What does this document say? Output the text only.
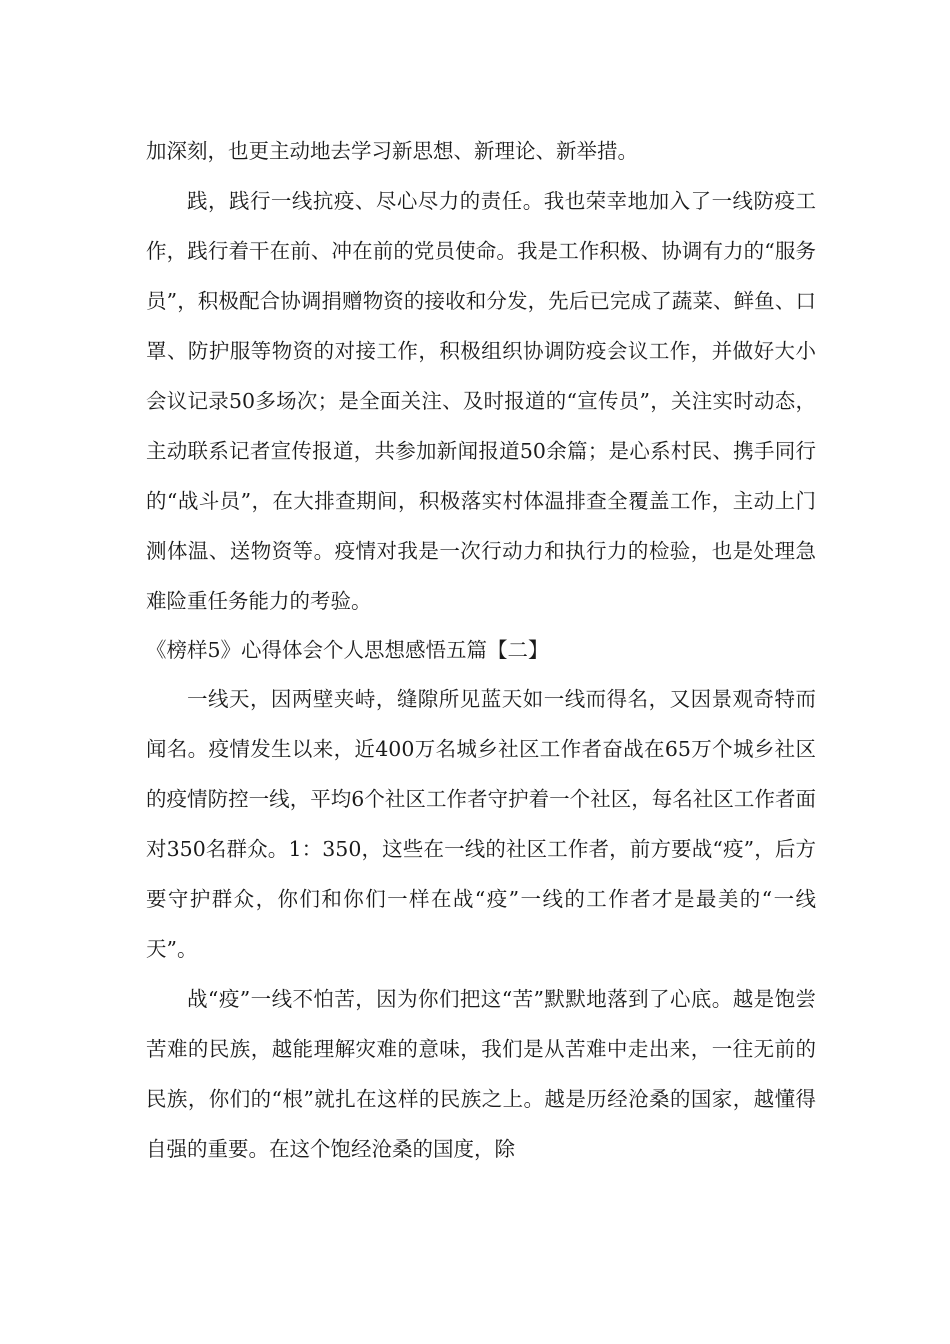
加深刻，也更主动地去学习新思想、新理论、新举措。

践，践行一线抗疫、尽心尽力的责任。我也荣幸地加入了一线防疫工作，践行着干在前、冲在前的党员使命。我是工作积极、协调有力的“服务员”，积极配合协调捐赠物资的接收和分发，先后已完成了蔬菜、鲜鱼、口罩、防护服等物资的对接工作，积极组织协调防疫会议工作，并做好大小会议记录50多场次；是全面关注、及时报道的“宣传员”，关注实时动态，主动联系记者宣传报道，共参加新闻报道50余篇；是心系村民、携手同行的“战斗员”，在大排查期间，积极落实村体温排查全覆盖工作，主动上门测体温、送物资等。疫情对我是一次行动力和执行力的检验，也是处理急难险重任务能力的考验。

《榜样5》心得体会个人思想感悟五篇【二】

一线天，因两壁夹峙，缝隙所见蓝天如一线而得名，又因景观奇特而闻名。疫情发生以来，近400万名城乡社区工作者奋战在65万个城乡社区的疫情防控一线，平均6个社区工作者守护着一个社区，每名社区工作者面对350名群众。1：350，这些在一线的社区工作者，前方要战“疫”，后方要守护群众，你们和你们一样在战“疫”一线的工作者才是最美的“一线天”。

战“疫”一线不怕苦，因为你们把这“苦”默默地落到了心底。越是饱尝苦难的民族，越能理解灾难的意味，我们是从苦难中走出来，一往无前的民族，你们的“根”就扎在这样的民族之上。越是历经沧桑的国家，越懂得自强的重要。在这个饱经沧桑的国度，除
